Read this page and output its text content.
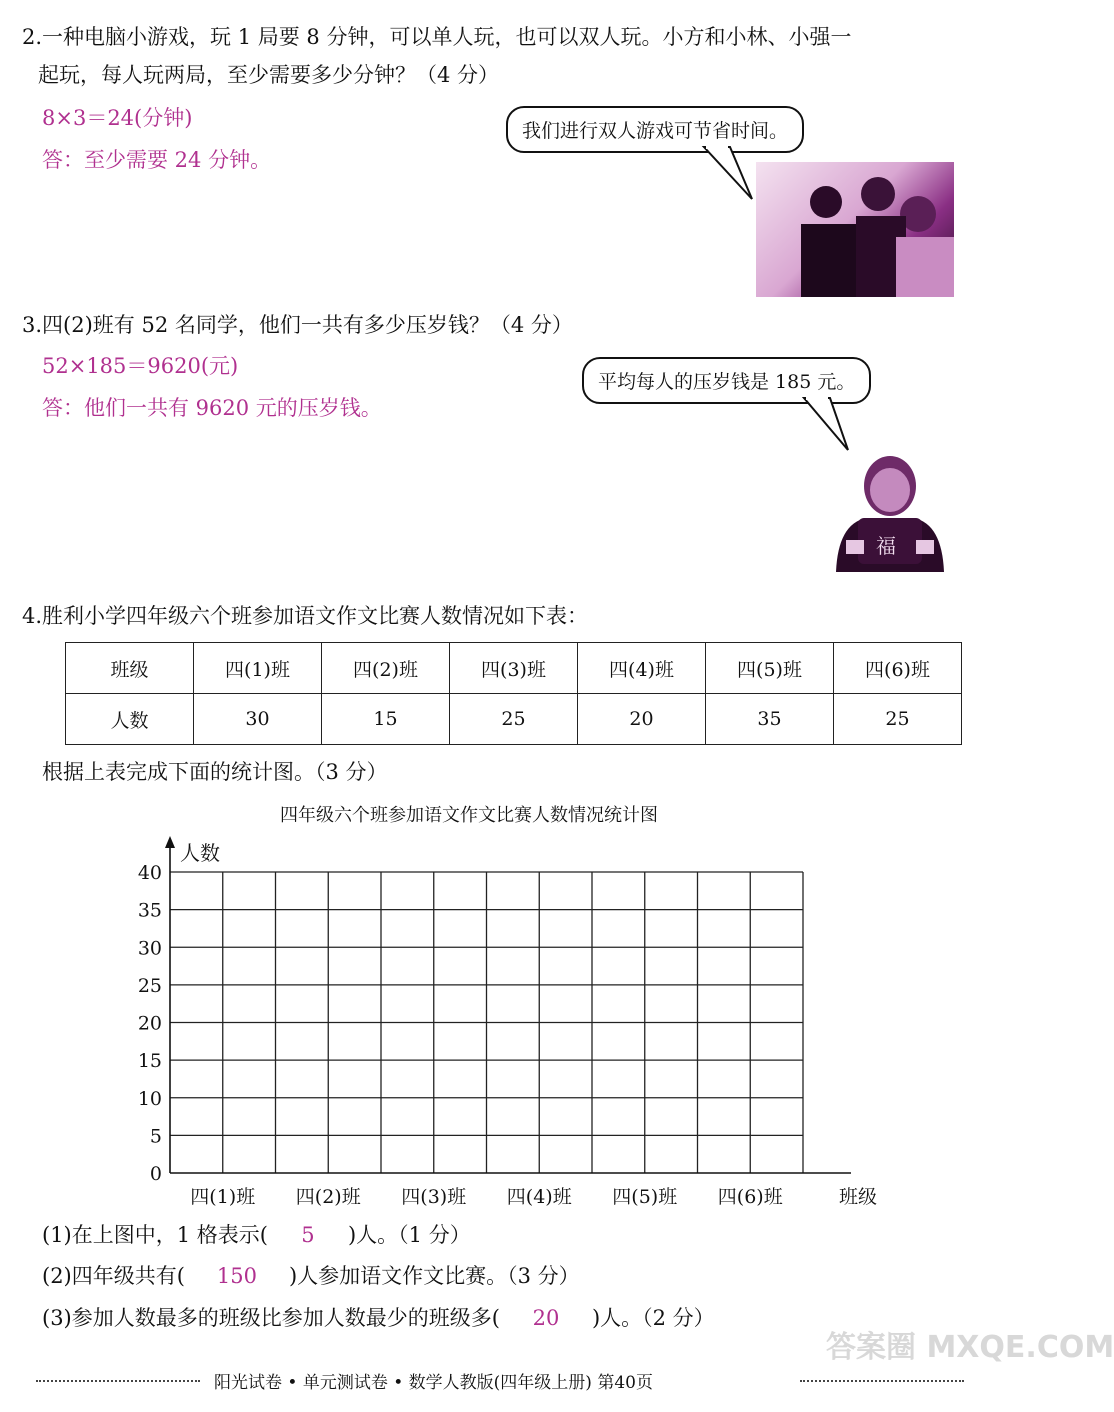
2.一种电脑小游戏，玩 1 局要 8 分钟，可以单人玩，也可以双人玩。小方和小林、小强一
起玩，每人玩两局，至少需要多少分钟？（4 分）
8×3＝24(分钟)
答：至少需要 24 分钟。
我们进行双人游戏可节省时间。
3.四(2)班有 52 名同学，他们一共有多少压岁钱？（4 分）
52×185＝9620(元)
答：他们一共有 9620 元的压岁钱。
平均每人的压岁钱是 185 元。
福
4.胜利小学四年级六个班参加语文作文比赛人数情况如下表：
班级	四(1)班	四(2)班	四(3)班	四(4)班	四(5)班	四(6)班
人数	30	15	25	20	35	25
根据上表完成下面的统计图。（3 分）
四年级六个班参加语文作文比赛人数情况统计图
0
5
10
15
20
25
30
35
40
人数
四(1)班 四(2)班 四(3)班 四(4)班 四(5)班 四(6)班	班级
(1)在上图中，1 格表示( 5 )人。（1 分）
(2)四年级共有( 150 )人参加语文作文比赛。（3 分）
(3)参加人数最多的班级比参加人数最少的班级多( 20 )人。（2 分）
阳光试卷 • 单元测试卷 • 数学人教版(四年级上册) 第40页
答案圈 MXQE.COM
